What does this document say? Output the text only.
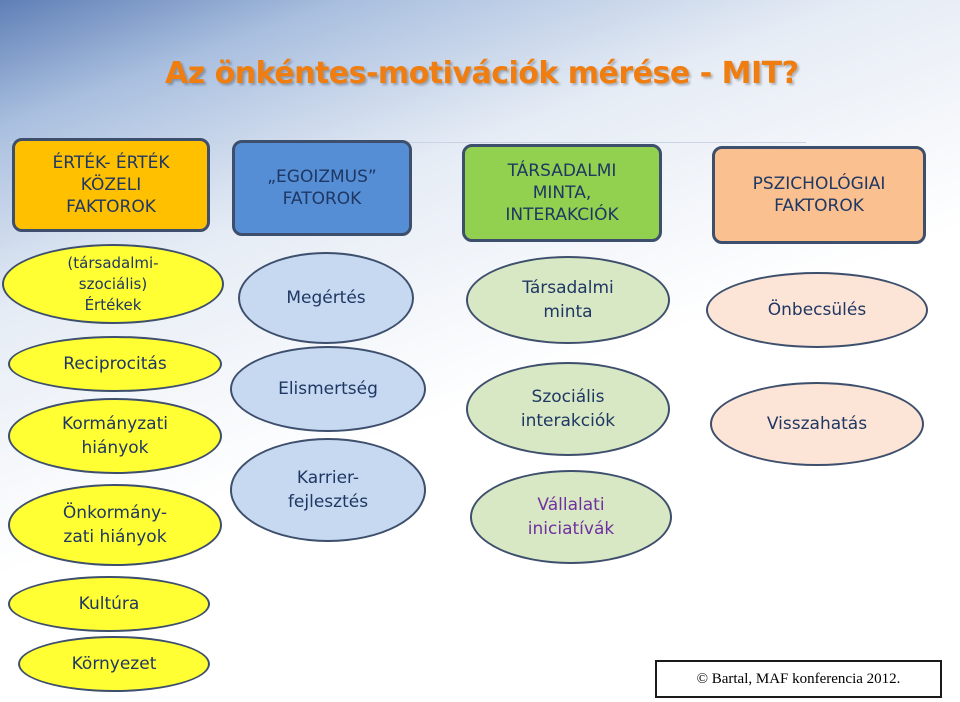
Az önkéntes-motivációk mérése - MIT?
ÉRTÉK- ÉRTÉK
KÖZELI
FAKTOROK
(társadalmi-
szociális)
Értékek
Reciprocitás
Kormányzati
hiányok
Önkormány-
zati hiányok
Kultúra
Környezet
„EGOIZMUS”
FATOROK
Megértés
Elismertség
Karrier-
fejlesztés
TÁRSADALMI
MINTA,
INTERAKCIÓK
Társadalmi
minta
Szociális
interakciók
Vállalati
iniciatívák
PSZICHOLÓGIAI
FAKTOROK
Önbecsülés
Visszahatás
© Bartal, MAF konferencia 2012.
